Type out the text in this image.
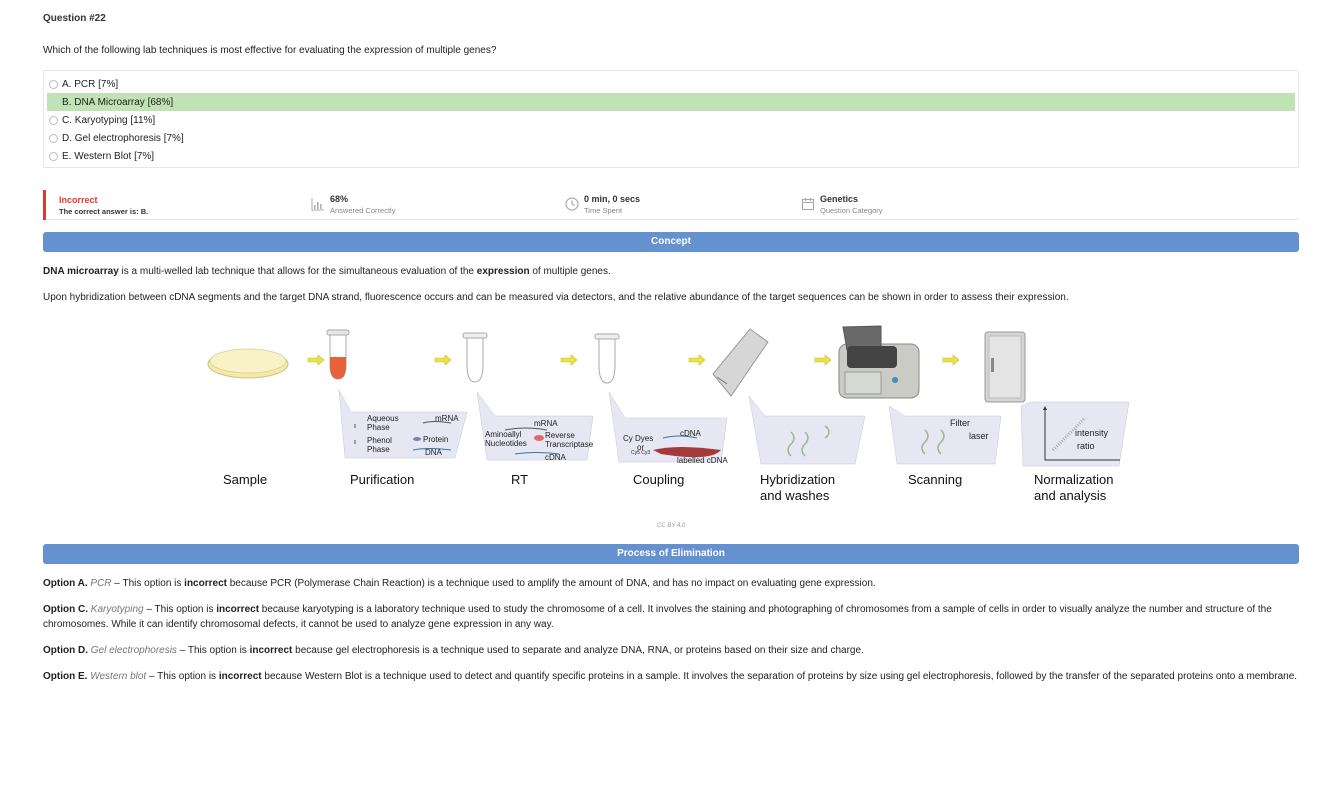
Question #22
Which of the following lab techniques is most effective for evaluating the expression of multiple genes?
A. PCR [7%]
B. DNA Microarray [68%]
C. Karyotyping [11%]
D. Gel electrophoresis [7%]
E. Western Blot [7%]
Incorrect
The correct answer is: B.
68%
Answered Correctly
0 min, 0 secs
Time Spent
Genetics
Question Category
Concept
DNA microarray is a multi-welled lab technique that allows for the simultaneous evaluation of the expression of multiple genes.
Upon hybridization between cDNA segments and the target DNA strand, fluorescence occurs and can be measured via detectors, and the relative abundance of the target sequences can be shown in order to assess their expression.
Aqueous
Phase
Phenol
Phase
mRNA
Protein
DNA
mRNA
Aminoallyl
Nucleotides
Reverse
Transcriptase
cDNA
cDNA
Cy Dyes
or
Cy5 Cy3
labelled cDNA
Filter
laser	intensity
ratio
Sample	Purification	RT	Coupling	Hybridization
and washes
Scanning	Normalization
and analysis
CC BY 4.0
Process of Elimination
Option A. PCR – This option is incorrect because PCR (Polymerase Chain Reaction) is a technique used to amplify the amount of DNA, and has no impact on evaluating gene expression.
Option C. Karyotyping – This option is incorrect because karyotyping is a laboratory technique used to study the chromosome of a cell. It involves the staining and photographing of chromosomes from a sample of cells in order to visually analyze the number and structure of the chromosomes. While it can identify chromosomal defects, it cannot be used to analyze gene expression in any way.
Option D. Gel electrophoresis – This option is incorrect because gel electrophoresis is a technique used to separate and analyze DNA, RNA, or proteins based on their size and charge.
Option E. Western blot – This option is incorrect because Western Blot is a technique used to detect and quantify specific proteins in a sample. It involves the separation of proteins by size using gel electrophoresis, followed by the transfer of the separated proteins onto a membrane.
